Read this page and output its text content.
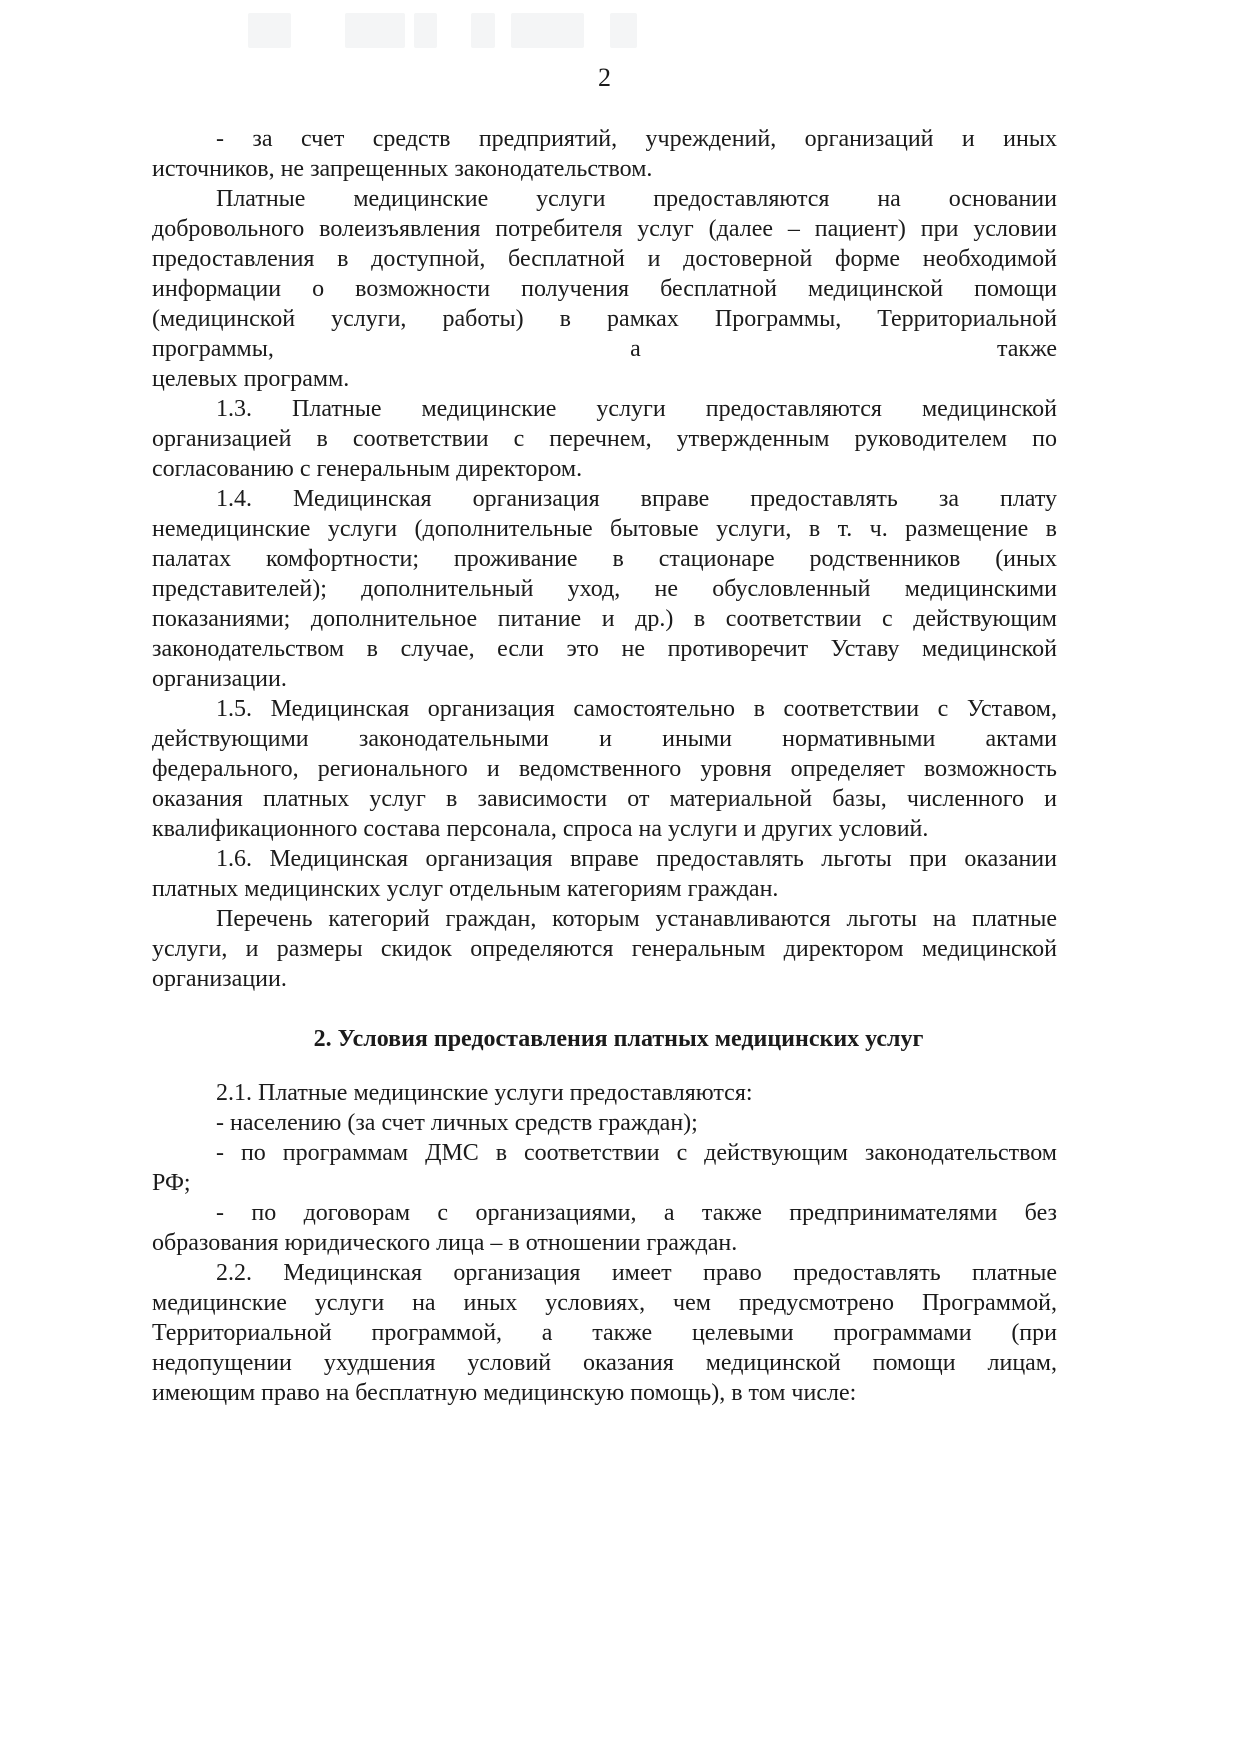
2
- за счет средств предприятий, учреждений, организаций и иных
источников, не запрещенных законодательством.
Платные медицинские услуги предоставляются на основании
добровольного волеизъявления потребителя услуг (далее – пациент) при условии
предоставления в доступной, бесплатной и достоверной форме необходимой
информации о возможности получения бесплатной медицинской помощи
(медицинской услуги, работы) в рамках Программы, Территориальной
программы, а также
целевых программ.
1.3. Платные медицинские услуги предоставляются медицинской
организацией в соответствии с перечнем, утвержденным руководителем по
согласованию с генеральным директором.
1.4. Медицинская организация вправе предоставлять за плату
немедицинские услуги (дополнительные бытовые услуги, в т. ч. размещение в
палатах комфортности; проживание в стационаре родственников (иных
представителей); дополнительный уход, не обусловленный медицинскими
показаниями; дополнительное питание и др.) в соответствии с действующим
законодательством в случае, если это не противоречит Уставу медицинской
организации.
1.5. Медицинская организация самостоятельно в соответствии с Уставом,
действующими законодательными и иными нормативными актами
федерального, регионального и ведомственного уровня определяет возможность
оказания платных услуг в зависимости от материальной базы, численного и
квалификационного состава персонала, спроса на услуги и других условий.
1.6. Медицинская организация вправе предоставлять льготы при оказании
платных медицинских услуг отдельным категориям граждан.
Перечень категорий граждан, которым устанавливаются льготы на платные
услуги, и размеры скидок определяются генеральным директором медицинской
организации.
2. Условия предоставления платных медицинских услуг
2.1. Платные медицинские услуги предоставляются:
- населению (за счет личных средств граждан);
- по программам ДМС в соответствии с действующим законодательством
РФ;
- по договорам с организациями, а также предпринимателями без
образования юридического лица – в отношении граждан.
2.2. Медицинская организация имеет право предоставлять платные
медицинские услуги на иных условиях, чем предусмотрено Программой,
Территориальной программой, а также целевыми программами (при
недопущении ухудшения условий оказания медицинской помощи лицам,
имеющим право на бесплатную медицинскую помощь), в том числе:
